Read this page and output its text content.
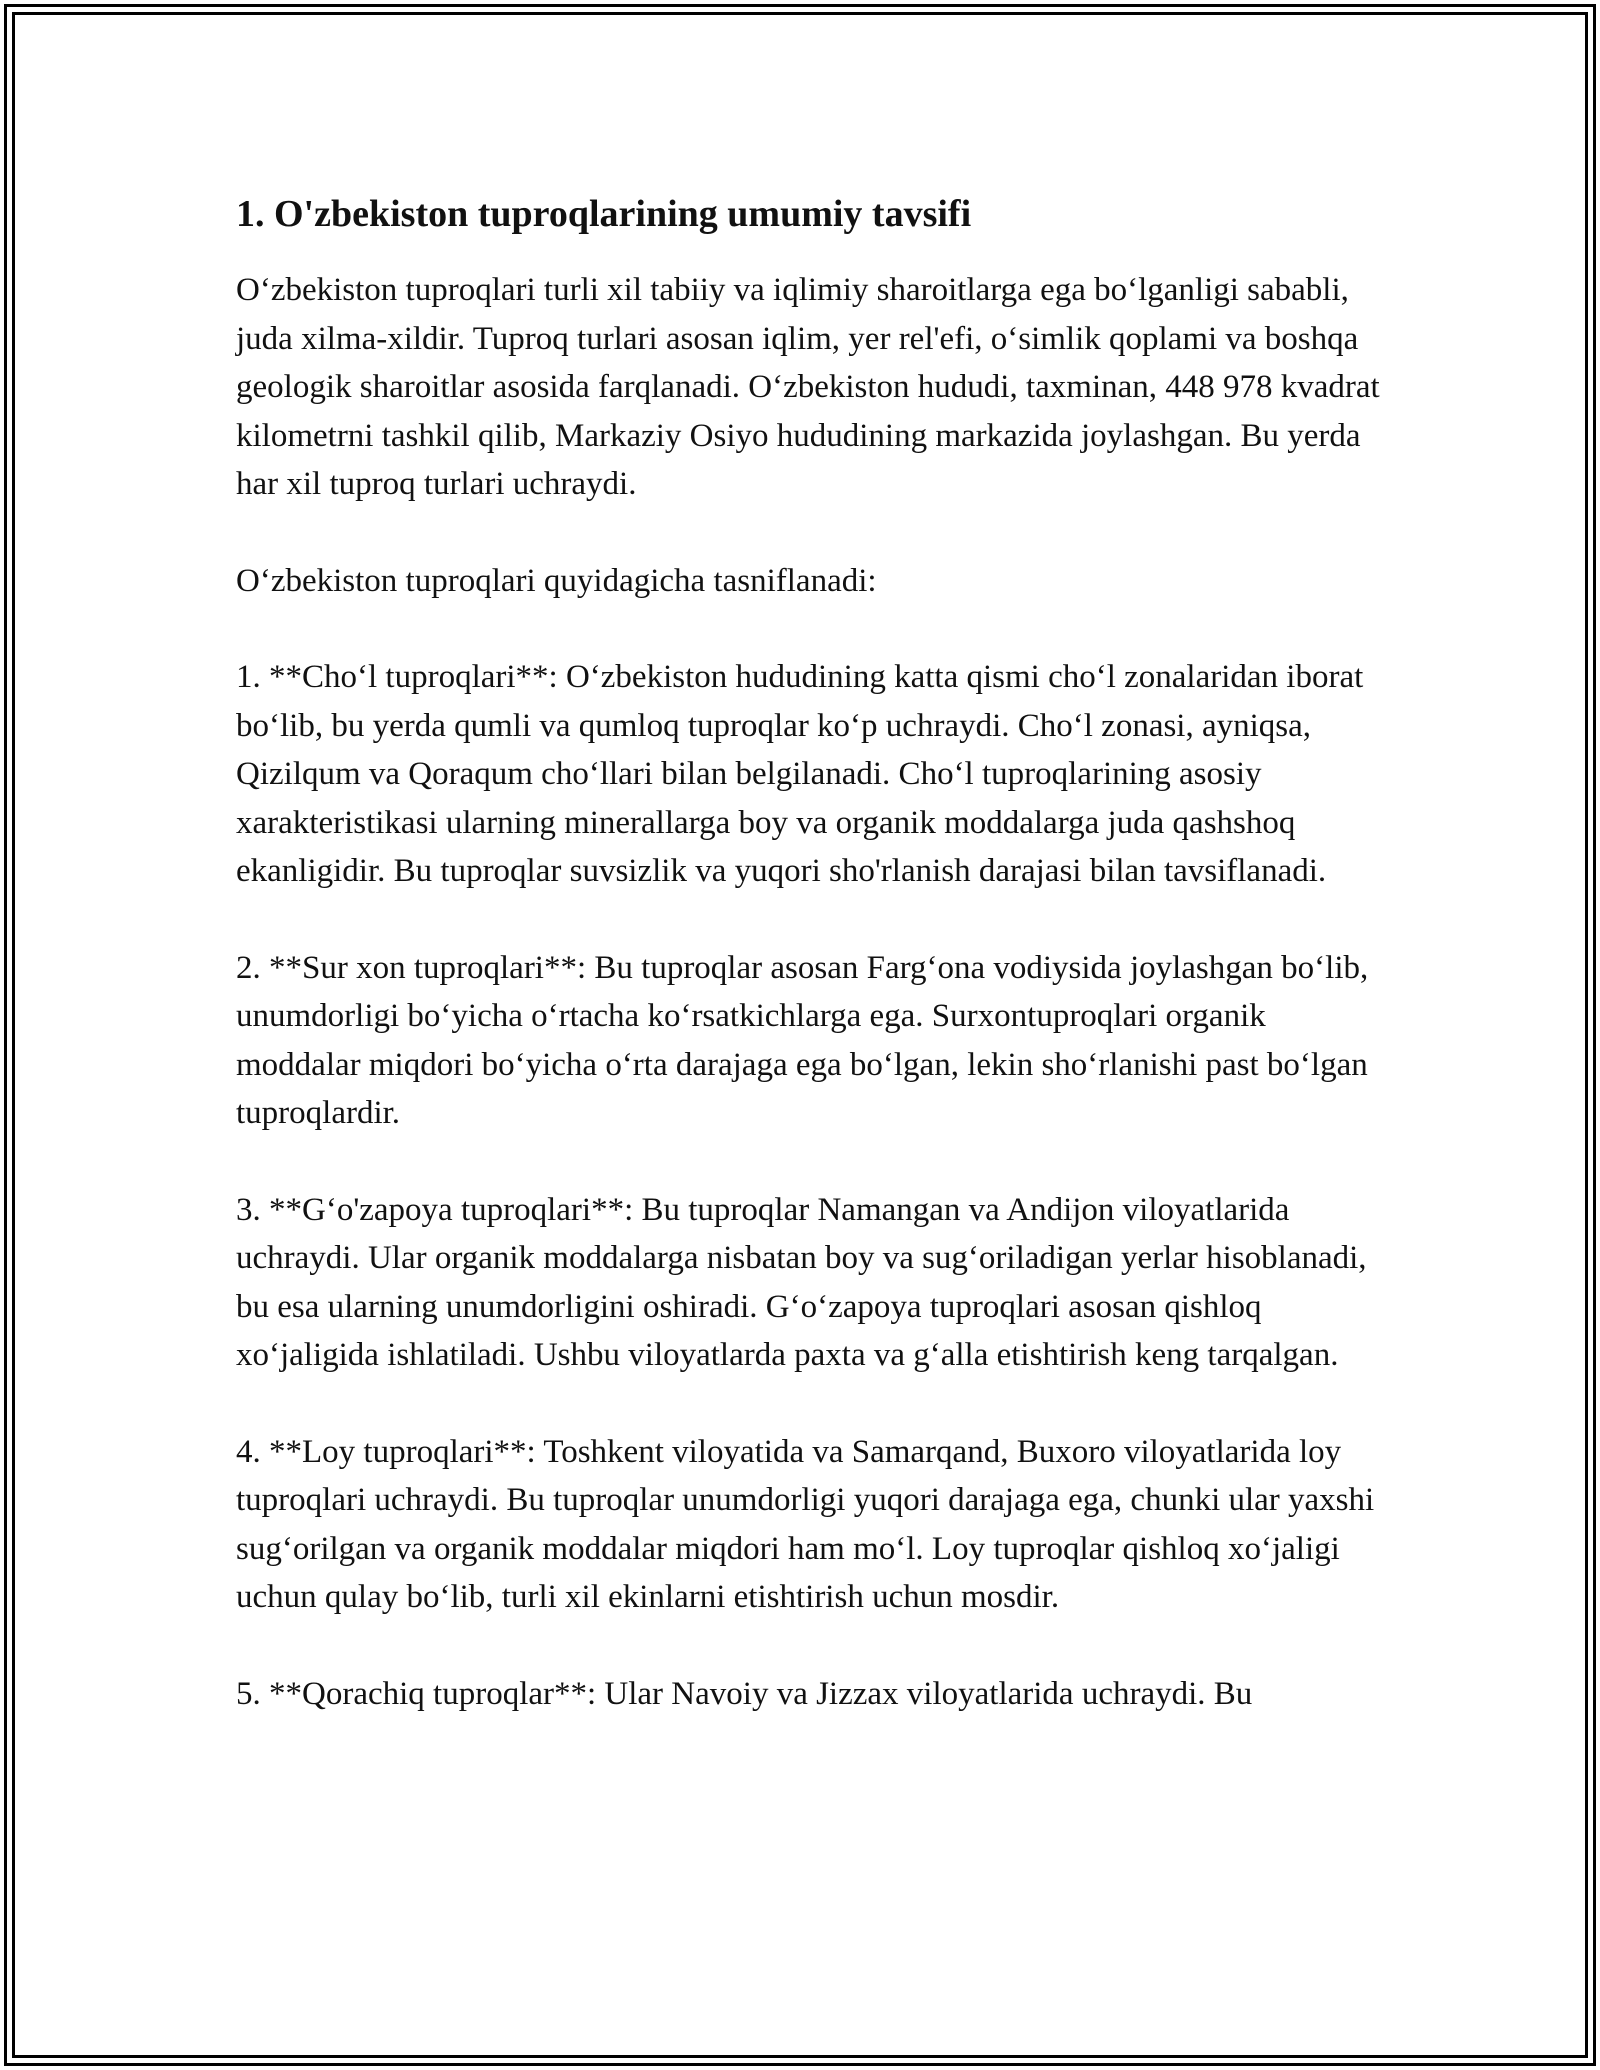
1. O'zbekiston tuproqlarining umumiy tavsifi

O‘zbekiston tuproqlari turli xil tabiiy va iqlimiy sharoitlarga ega bo‘lganligi sababli, juda xilma-xildir. Tuproq turlari asosan iqlim, yer rel'efi, o‘simlik qoplami va boshqa geologik sharoitlar asosida farqlanadi. O‘zbekiston hududi, taxminan, 448 978 kvadrat kilometrni tashkil qilib, Markaziy Osiyo hududining markazida joylashgan. Bu yerda har xil tuproq turlari uchraydi.

O‘zbekiston tuproqlari quyidagicha tasniflanadi:

1. **Cho‘l tuproqlari**: O‘zbekiston hududining katta qismi cho‘l zonalaridan iborat bo‘lib, bu yerda qumli va qumloq tuproqlar ko‘p uchraydi. Cho‘l zonasi, ayniqsa, Qizilqum va Qoraqum cho‘llari bilan belgilanadi. Cho‘l tuproqlarining asosiy xarakteristikasi ularning minerallarga boy va organik moddalarga juda qashshoq ekanligidir. Bu tuproqlar suvsizlik va yuqori sho'rlanish darajasi bilan tavsiflanadi.

2. **Sur xon tuproqlari**: Bu tuproqlar asosan Farg‘ona vodiysida joylashgan bo‘lib, unumdorligi bo‘yicha o‘rtacha ko‘rsatkichlarga ega. Surxontuproqlari organik moddalar miqdori bo‘yicha o‘rta darajaga ega bo‘lgan, lekin sho‘rlanishi past bo‘lgan tuproqlardir.

3. **G‘o'zapoya tuproqlari**: Bu tuproqlar Namangan va Andijon viloyatlarida uchraydi. Ular organik moddalarga nisbatan boy va sug‘oriladigan yerlar hisoblanadi, bu esa ularning unumdorligini oshiradi. G‘o‘zapoya tuproqlari asosan qishloq xo‘jaligida ishlatiladi. Ushbu viloyatlarda paxta va g‘alla etishtirish keng tarqalgan.

4. **Loy tuproqlari**: Toshkent viloyatida va Samarqand, Buxoro viloyatlarida loy tuproqlari uchraydi. Bu tuproqlar unumdorligi yuqori darajaga ega, chunki ular yaxshi sug‘orilgan va organik moddalar miqdori ham mo‘l. Loy tuproqlar qishloq xo‘jaligi uchun qulay bo‘lib, turli xil ekinlarni etishtirish uchun mosdir.

5. **Qorachiq tuproqlar**: Ular Navoiy va Jizzax viloyatlarida uchraydi. Bu
